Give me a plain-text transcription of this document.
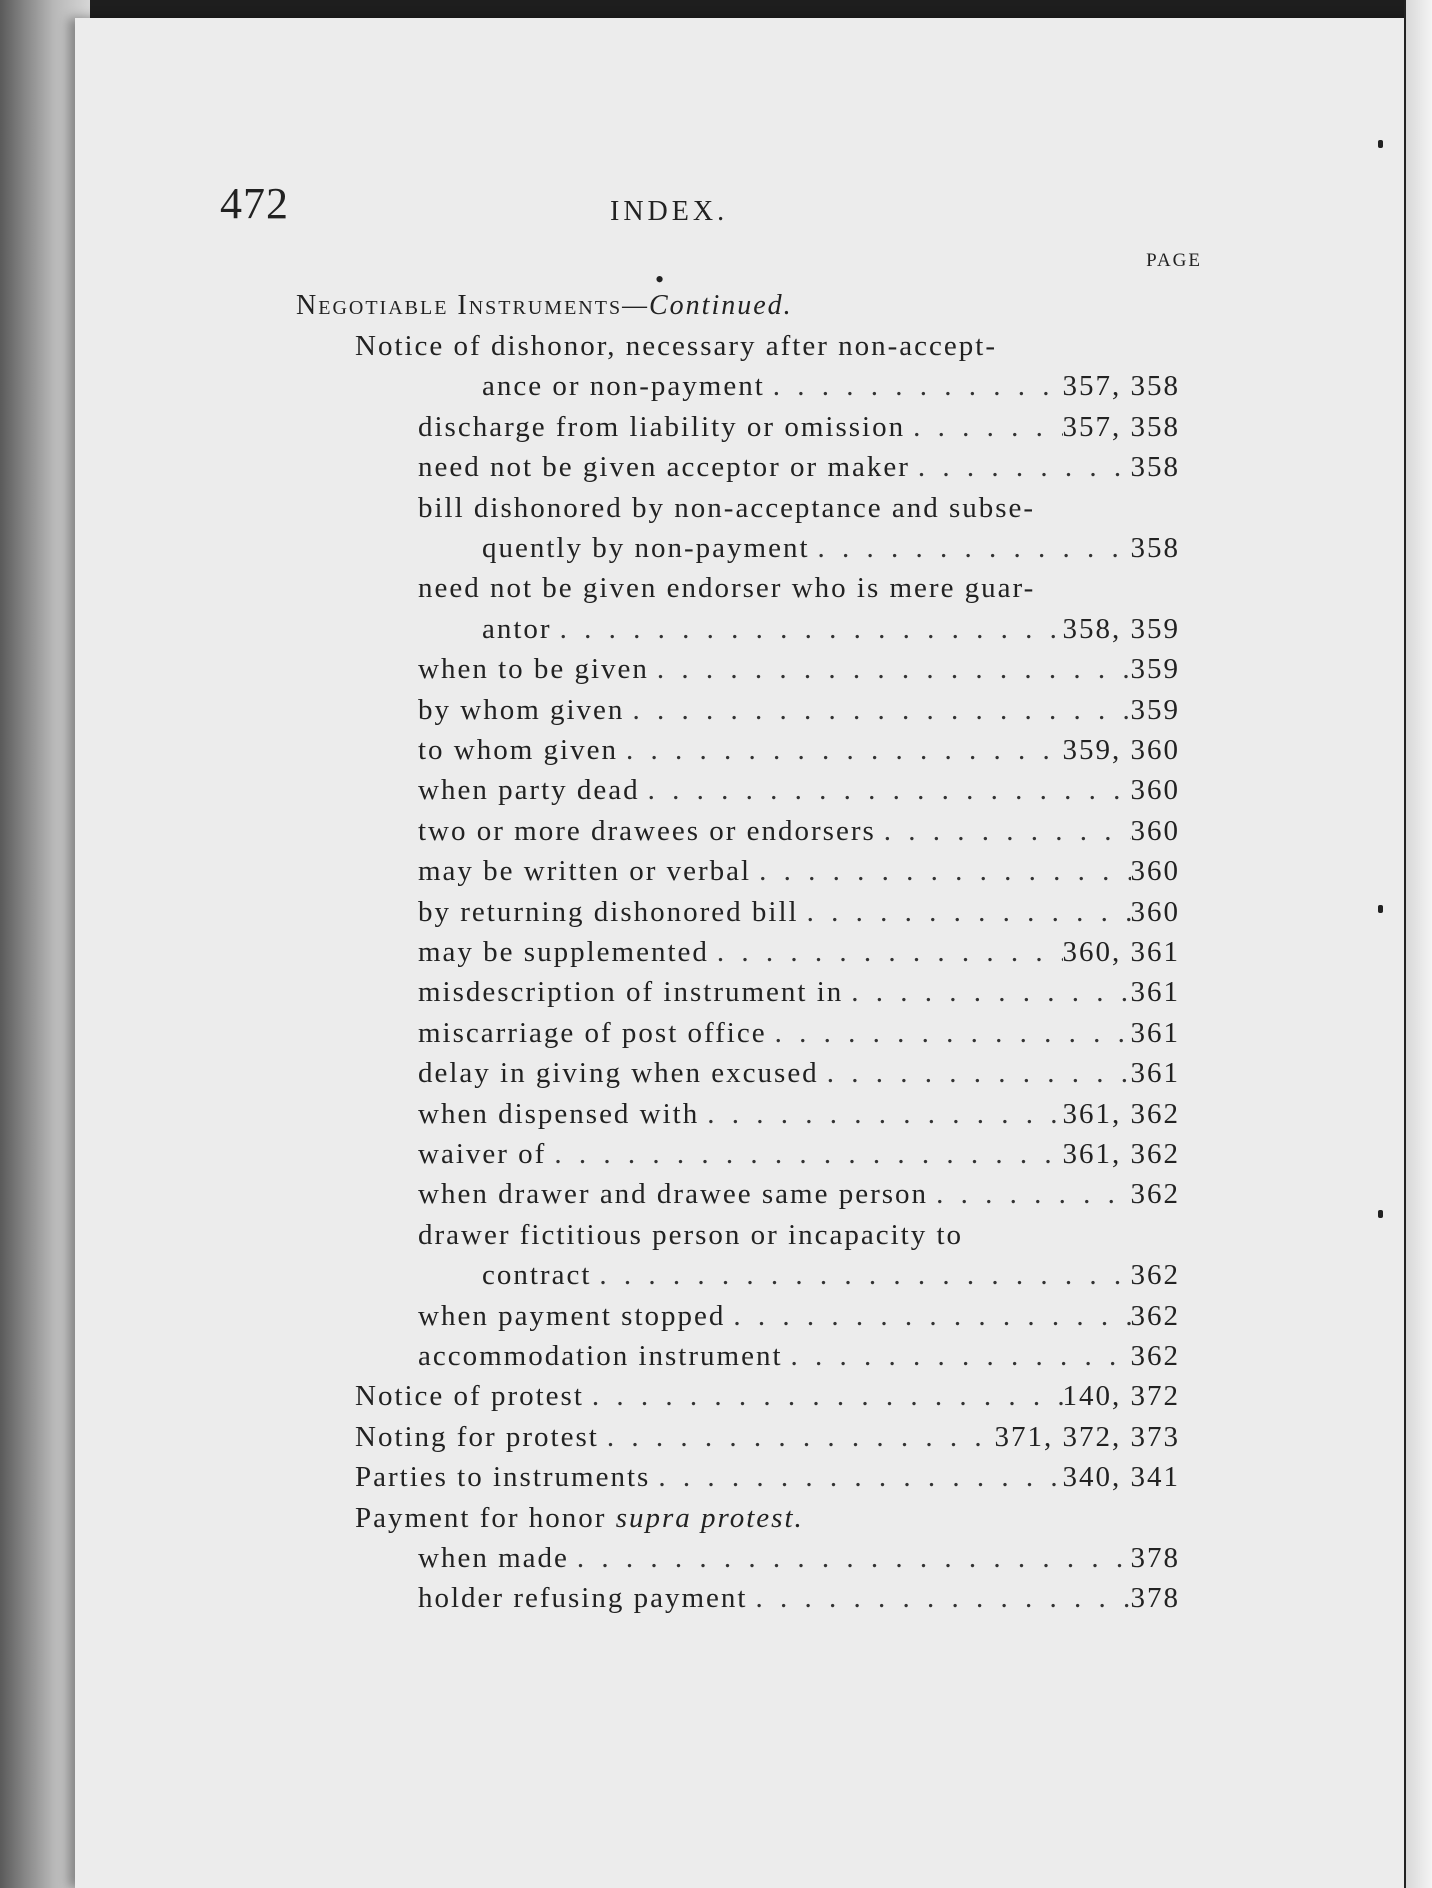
472	INDEX.
PAGE
•
Negotiable Instruments—Continued.
Notice of dishonor, necessary after non-accept-
ance or non-payment . . .	357, 358
discharge from liability or omission . . .	357, 358
need not be given acceptor or maker . . .	358
bill dishonored by non-acceptance and subse-
quently by non-payment . . .	358
need not be given endorser who is mere guar-
antor . . .	358, 359
when to be given . . .	359
by whom given . . .	359
to whom given . . .	359, 360
when party dead . . .	360
two or more drawees or endorsers . . .	360
may be written or verbal . . .	360
by returning dishonored bill . . .	360
may be supplemented . . .	360, 361
misdescription of instrument in . . .	361
miscarriage of post office . . .	361
delay in giving when excused . . .	361
when dispensed with . . .	361, 362
waiver of . . .	361, 362
when drawer and drawee same person . . .	362
drawer fictitious person or incapacity to
contract . . .	362
when payment stopped . . .	362
accommodation instrument . . .	362
Notice of protest . . .	140, 372
Noting for protest . . .	371, 372, 373
Parties to instruments . . .	340, 341
Payment for honor supra protest.
when made . . .	378
holder refusing payment . . .	378
